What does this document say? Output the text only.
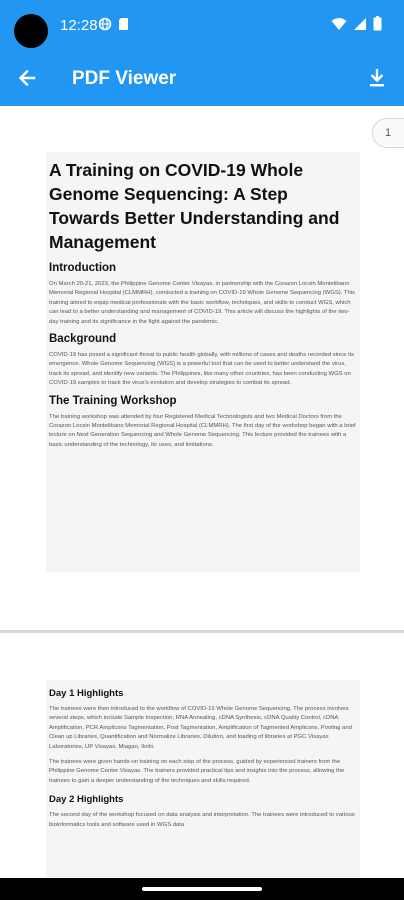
12:28
PDF Viewer
1
A Training on COVID-19 Whole Genome Sequencing: A Step Towards Better Understanding and Management
Introduction
On March 20-21, 2023, the Philippine Genome Center Visayas, in partnership with the Corazon Locsin Montelibano Memorial Regional Hospital (CLMMRH), conducted a training on COVID-19 Whole Genome Sequencing (WGS). This training aimed to equip medical professionals with the basic workflow, techniques, and skills to conduct WGS, which can lead to a better understanding and management of COVID-19. This article will discuss the highlights of the two-day training and its significance in the fight against the pandemic.
Background
COVID-19 has posed a significant threat to public health globally, with millions of cases and deaths recorded since its emergence. Whole Genome Sequencing (WGS) is a powerful tool that can be used to better understand the virus, track its spread, and identify new variants. The Philippines, like many other countries, has been conducting WGS on COVID-19 samples to track the virus's evolution and develop strategies to combat its spread.
The Training Workshop
The training workshop was attended by four Registered Medical Technologists and two Medical Doctors from the Corazon Locsin Montelibano Memorial Regional Hospital (CLMMRH). The first day of the workshop began with a brief lecture on Next Generation Sequencing and Whole Genome Sequencing. This lecture provided the trainees with a basic understanding of the technology, its uses, and limitations.
Day 1 Highlights
The trainees were then introduced to the workflow of COVID-19 Whole Genome Sequencing. The process involves several steps, which include Sample Inspection, RNA Annealing, cDNA Synthesis, cDNA Quality Control, cDNA Amplification, PCR Amplicons Tagmentation, Post Tagmentation, Amplification of Tagmented Amplicons, Pooling and Clean up Libraries, Quantification and Normalize Libraries, Dilution, and loading of libraries at PGC Visayas Laboratories, UP Visayas, Miagao, Iloilo.
The trainees were given hands-on training on each step of the process, guided by experienced trainers from the Philippine Genome Center Visayas. The trainers provided practical tips and insights into the process, allowing the trainees to gain a deeper understanding of the techniques and skills required.
Day 2 Highlights
The second day of the workshop focused on data analysis and interpretation. The trainees were introduced to various bioinformatics tools and software used in WGS data
